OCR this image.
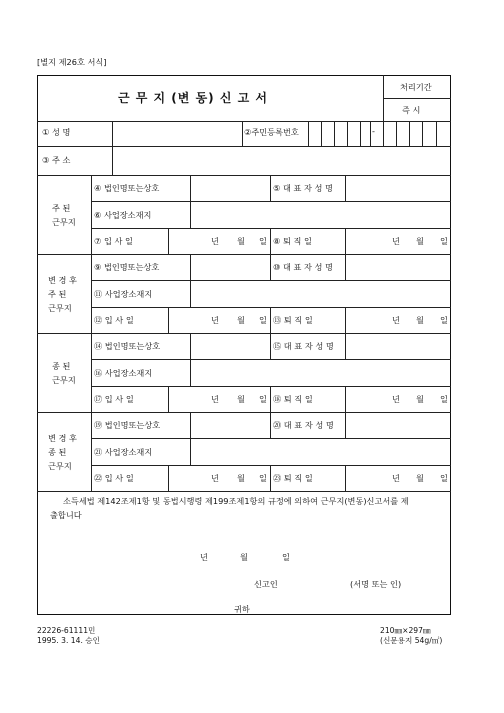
[별지 제26호 서식]
근 무 지 (변 동) 신 고 서
처리기간
즉 시
① 성 명	②주민등록번호	-
③ 주 소
주 된
근무지
④ 법인명또는상호	⑤ 대 표 자 성 명
⑥ 사업장소재지
⑦ 입 사 일	년 월 일 ⑧ 퇴 직 일	년 월 일
변 경 후
주 된
근무지
⑨ 법인명또는상호	⑩ 대 표 자 성 명
⑪ 사업장소재지
⑫ 입 사 일	년 월 일 ⑬ 퇴 직 일	년 월 일
종 된
근무지
⑭ 법인명또는상호	⑮ 대 표 자 성 명
⑯ 사업장소재지
⑰ 입 사 일	년 월 일 ⑱ 퇴 직 일	년 월 일
변 경 후
종 된
근무지
⑲ 법인명또는상호	⑳ 대 표 자 성 명
㉑ 사업장소재지
㉒ 입 사 일	년 월 일 ㉓ 퇴 직 일	년 월 일
소득세법 제142조제1항 및 동법시행령 제199조제1항의 규정에 의하여 근무지(변동)신고서를 제
출합니다
년	월	일
신고인	(서명 또는 인)
귀하
22226-61111민
1995. 3. 14. 승인
210㎜×297㎜
(신문용지 54g/㎡)
